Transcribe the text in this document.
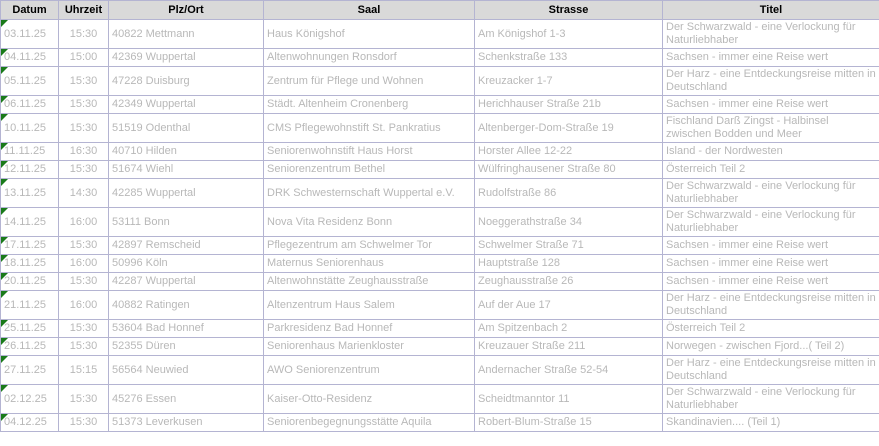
Datum	Uhrzeit	Plz/Ort	Saal	Strasse	Titel

03.11.25	15:30	40822 Mettmann	Haus Königshof	Am Königshof 1-3	Der Schwarzwald - eine Verlockung für Naturliebhaber

04.11.25	15:00	42369 Wuppertal	Altenwohnungen Ronsdorf	Schenkstraße 133	Sachsen - immer eine Reise wert

05.11.25	15:30	47228 Duisburg	Zentrum für Pflege und Wohnen	Kreuzacker 1-7	Der Harz - eine Entdeckungsreise mitten in Deutschland

06.11.25	15:30	42349 Wuppertal	Städt. Altenheim Cronenberg	Herichhauser Straße 21b	Sachsen - immer eine Reise wert

10.11.25	15:30	51519 Odenthal	CMS Pflegewohnstift St. Pankratius	Altenberger-Dom-Straße 19	Fischland Darß Zingst - Halbinsel zwischen Bodden und Meer

11.11.25	16:30	40710 Hilden	Seniorenwohnstift Haus Horst	Horster Allee 12-22	Island - der Nordwesten

12.11.25	15:30	51674 Wiehl	Seniorenzentrum Bethel	Wülfringhausener Straße 80	Österreich Teil 2

13.11.25	14:30	42285 Wuppertal	DRK Schwesternschaft Wuppertal e.V.	Rudolfstraße 86	Der Schwarzwald - eine Verlockung für Naturliebhaber

14.11.25	16:00	53111 Bonn	Nova Vita Residenz Bonn	Noeggerathstraße 34	Der Schwarzwald - eine Verlockung für Naturliebhaber

17.11.25	15:30	42897 Remscheid	Pflegezentrum am Schwelmer Tor	Schwelmer Straße 71	Sachsen - immer eine Reise wert

18.11.25	16:00	50996 Köln	Maternus Seniorenhaus	Hauptstraße 128	Sachsen - immer eine Reise wert

20.11.25	15:30	42287 Wuppertal	Altenwohnstätte Zeughausstraße	Zeughausstraße 26	Sachsen - immer eine Reise wert

21.11.25	16:00	40882 Ratingen	Altenzentrum Haus Salem	Auf der Aue 17	Der Harz - eine Entdeckungsreise mitten in Deutschland

25.11.25	15:30	53604 Bad Honnef	Parkresidenz Bad Honnef	Am Spitzenbach 2	Österreich Teil 2

26.11.25	15:30	52355 Düren	Seniorenhaus Marienkloster	Kreuzauer Straße 211	Norwegen - zwischen Fjord...( Teil 2)

27.11.25	15:15	56564 Neuwied	AWO Seniorenzentrum	Andernacher Straße 52-54	Der Harz - eine Entdeckungsreise mitten in Deutschland

02.12.25	15:30	45276 Essen	Kaiser-Otto-Residenz	Scheidtmanntor 11	Der Schwarzwald - eine Verlockung für Naturliebhaber

04.12.25	15:30	51373 Leverkusen	Seniorenbegegnungsstätte Aquila	Robert-Blum-Straße 15	Skandinavien.... (Teil 1)
